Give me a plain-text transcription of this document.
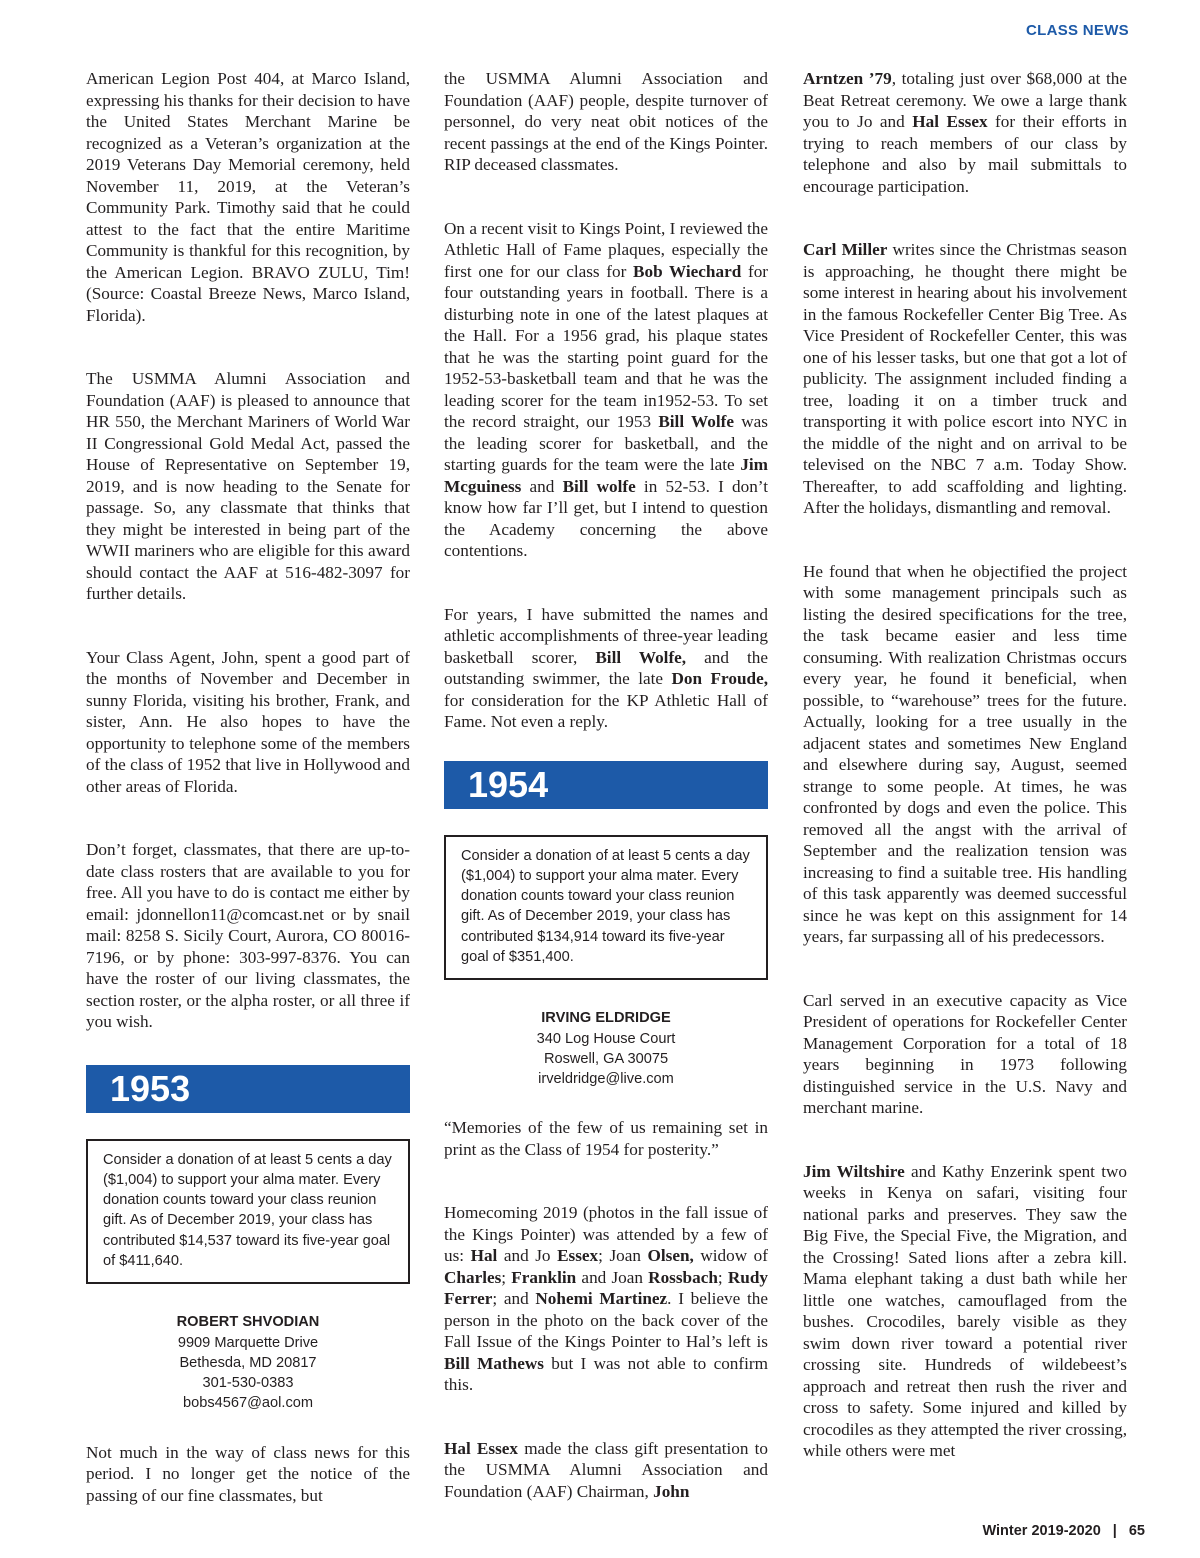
CLASS NEWS

American Legion Post 404, at Marco Island, expressing his thanks for their decision to have the United States Merchant Marine be recognized as a Veteran’s organization at the 2019 Veterans Day Memorial ceremony, held November 11, 2019, at the Veteran’s Community Park. Timothy said that he could attest to the fact that the entire Maritime Community is thankful for this recognition, by the American Legion. BRAVO ZULU, Tim! (Source: Coastal Breeze News, Marco Island, Florida).

The USMMA Alumni Association and Foundation (AAF) is pleased to announce that HR 550, the Merchant Mariners of World War II Congressional Gold Medal Act, passed the House of Representative on September 19, 2019, and is now heading to the Senate for passage. So, any classmate that thinks that they might be interested in being part of the WWII mariners who are eligible for this award should contact the AAF at 516-482-3097 for further details.

Your Class Agent, John, spent a good part of the months of November and December in sunny Florida, visiting his brother, Frank, and sister, Ann. He also hopes to have the opportunity to telephone some of the members of the class of 1952 that live in Hollywood and other areas of Florida.

Don’t forget, classmates, that there are up-to-date class rosters that are available to you for free. All you have to do is contact me either by email: jdonnellon11@comcast.net or by snail mail: 8258 S. Sicily Court, Aurora, CO 80016- 7196, or by phone: 303-997-8376. You can have the roster of our living classmates, the section roster, or the alpha roster, or all three if you wish.

1953
Consider a donation of at least 5 cents a day ($1,004) to support your alma mater. Every donation counts toward your class reunion gift. As of December 2019, your class has contributed $14,537 toward its five-year goal of $411,640.
ROBERT SHVODIAN
9909 Marquette Drive
Bethesda, MD 20817
301-530-0383
bobs4567@aol.com

Not much in the way of class news for this period. I no longer get the notice of the passing of our fine classmates, but

the USMMA Alumni Association and Foundation (AAF) people, despite turnover of personnel, do very neat obit notices of the recent passings at the end of the Kings Pointer. RIP deceased classmates.

On a recent visit to Kings Point, I reviewed the Athletic Hall of Fame plaques, especially the first one for our class for Bob Wiechard for four outstanding years in football. There is a disturbing note in one of the latest plaques at the Hall. For a 1956 grad, his plaque states that he was the starting point guard for the 1952-53-basketball team and that he was the leading scorer for the team in1952-53. To set the record straight, our 1953 Bill Wolfe was the leading scorer for basketball, and the starting guards for the team were the late Jim Mcguiness and Bill wolfe in 52-53. I don’t know how far I’ll get, but I intend to question the Academy concerning the above contentions.

For years, I have submitted the names and athletic accomplishments of three-year leading basketball scorer, Bill Wolfe, and the outstanding swimmer, the late Don Froude, for consideration for the KP Athletic Hall of Fame. Not even a reply.

1954
Consider a donation of at least 5 cents a day ($1,004) to support your alma mater. Every donation counts toward your class reunion gift. As of December 2019, your class has contributed $134,914 toward its five-year goal of $351,400.
IRVING ELDRIDGE
340 Log House Court
Roswell, GA 30075
irveldridge@live.com

“Memories of the few of us remaining set in print as the Class of 1954 for posterity.”

Homecoming 2019 (photos in the fall issue of the Kings Pointer) was attended by a few of us: Hal and Jo Essex; Joan Olsen, widow of Charles; Franklin and Joan Rossbach; Rudy Ferrer; and Nohemi Martinez. I believe the person in the photo on the back cover of the Fall Issue of the Kings Pointer to Hal’s left is Bill Mathews but I was not able to confirm this.

Hal Essex made the class gift presentation to the USMMA Alumni Association and Foundation (AAF) Chairman, John

Arntzen ’79, totaling just over $68,000 at the Beat Retreat ceremony. We owe a large thank you to Jo and Hal Essex for their efforts in trying to reach members of our class by telephone and also by mail submittals to encourage participation.

Carl Miller writes since the Christmas season is approaching, he thought there might be some interest in hearing about his involvement in the famous Rockefeller Center Big Tree. As Vice President of Rockefeller Center, this was one of his lesser tasks, but one that got a lot of publicity. The assignment included finding a tree, loading it on a timber truck and transporting it with police escort into NYC in the middle of the night and on arrival to be televised on the NBC 7 a.m. Today Show. Thereafter, to add scaffolding and lighting. After the holidays, dismantling and removal.

He found that when he objectified the project with some management principals such as listing the desired specifications for the tree, the task became easier and less time consuming. With realization Christmas occurs every year, he found it beneficial, when possible, to “warehouse” trees for the future. Actually, looking for a tree usually in the adjacent states and sometimes New England and elsewhere during say, August, seemed strange to some people. At times, he was confronted by dogs and even the police. This removed all the angst with the arrival of September and the realization tension was increasing to find a suitable tree. His handling of this task apparently was deemed successful since he was kept on this assignment for 14 years, far surpassing all of his predecessors.

Carl served in an executive capacity as Vice President of operations for Rockefeller Center Management Corporation for a total of 18 years beginning in 1973 following distinguished service in the U.S. Navy and merchant marine.

Jim Wiltshire and Kathy Enzerink spent two weeks in Kenya on safari, visiting four national parks and preserves. They saw the Big Five, the Special Five, the Migration, and the Crossing! Sated lions after a zebra kill. Mama elephant taking a dust bath while her little one watches, camouflaged from the bushes. Crocodiles, barely visible as they swim down river toward a potential river crossing site. Hundreds of wildebeest’s approach and retreat then rush the river and cross to safety. Some injured and killed by crocodiles as they attempted the river crossing, while others were met

Winter 2019-2020 | 65
